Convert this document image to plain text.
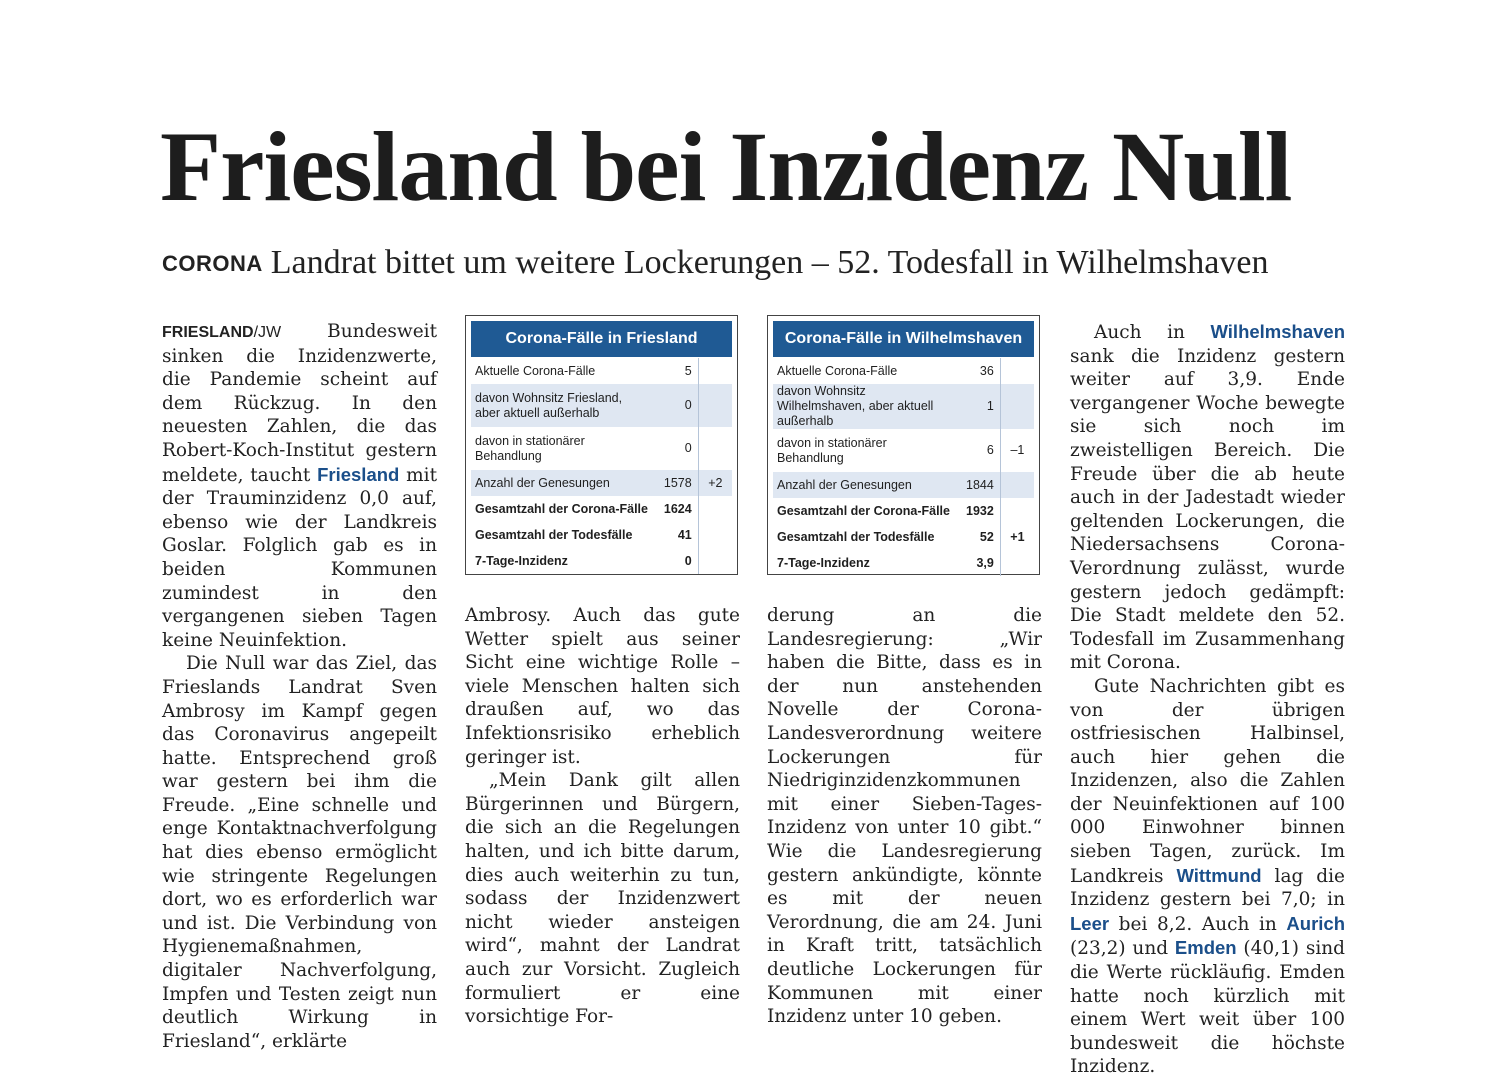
Friesland bei Inzidenz Null
CORONA Landrat bittet um weitere Lockerungen – 52. Todesfall in Wilhelmshaven

FRIESLAND/JW Bundesweit sinken die Inzidenzwerte, die Pandemie scheint auf dem Rückzug. In den neuesten Zahlen, die das Robert-Koch-Institut gestern meldete, taucht Friesland mit der Trauminzidenz 0,0 auf, ebenso wie der Landkreis Goslar. Folglich gab es in beiden Kommunen zumindest in den vergangenen sieben Tagen keine Neuinfektion.

Die Null war das Ziel, das Frieslands Landrat Sven Ambrosy im Kampf gegen das Coronavirus angepeilt hatte. Entsprechend groß war gestern bei ihm die Freude. „Eine schnelle und enge Kontaktnachverfolgung hat dies ebenso ermöglicht wie stringente Regelungen dort, wo es erforderlich war und ist. Die Verbindung von Hygienemaßnahmen, digitaler Nachverfolgung, Impfen und Testen zeigt nun deutlich Wirkung in Friesland“, erklärte

Corona-Fälle in Friesland
Aktuelle Corona-Fälle	5	
davon Wohnsitz Friesland, aber aktuell außerhalb	0	
davon in stationärer Behandlung	0	
Anzahl der Genesungen	1578	+2
Gesamtzahl der Corona-Fälle	1624	
Gesamtzahl der Todesfälle	41	
7-Tage-Inzidenz	0	
Corona-Fälle in Wilhelmshaven
Aktuelle Corona-Fälle	36	
davon Wohnsitz Wilhelmshaven, aber aktuell außerhalb	1	
davon in stationärer Behandlung	6	–1
Anzahl der Genesungen	1844	
Gesamtzahl der Corona-Fälle	1932	
Gesamtzahl der Todesfälle	52	+1
7-Tage-Inzidenz	3,9	

Ambrosy. Auch das gute Wetter spielt aus seiner Sicht eine wichtige Rolle – viele Menschen halten sich draußen auf, wo das Infektionsrisiko erheblich geringer ist.

„Mein Dank gilt allen Bürgerinnen und Bürgern, die sich an die Regelungen halten, und ich bitte darum, dies auch weiterhin zu tun, sodass der Inzidenzwert nicht wieder ansteigen wird“, mahnt der Landrat auch zur Vorsicht. Zugleich formuliert er eine vorsichtige For-

derung an die Landesregierung: „Wir haben die Bitte, dass es in der nun anstehenden Novelle der Corona-Landesverordnung weitere Lockerungen für Niedriginzidenzkommunen mit einer Sieben-Tages-Inzidenz von unter 10 gibt.“ Wie die Landesregierung gestern ankündigte, könnte es mit der neuen Verordnung, die am 24. Juni in Kraft tritt, tatsächlich deutliche Lockerungen für Kommunen mit einer Inzidenz unter 10 geben.

Auch in Wilhelmshaven sank die Inzidenz gestern weiter auf 3,9. Ende vergangener Woche bewegte sie sich noch im zweistelligen Bereich. Die Freude über die ab heute auch in der Jadestadt wieder geltenden Lockerungen, die Niedersachsens Corona-Verordnung zulässt, wurde gestern jedoch gedämpft: Die Stadt meldete den 52. Todesfall im Zusammenhang mit Corona.

Gute Nachrichten gibt es von der übrigen ostfriesischen Halbinsel, auch hier gehen die Inzidenzen, also die Zahlen der Neuinfektionen auf 100 000 Einwohner binnen sieben Tagen, zurück. Im Landkreis Wittmund lag die Inzidenz gestern bei 7,0; in Leer bei 8,2. Auch in Aurich (23,2) und Emden (40,1) sind die Werte rückläufig. Emden hatte noch kürzlich mit einem Wert weit über 100 bundesweit die höchste Inzidenz.
